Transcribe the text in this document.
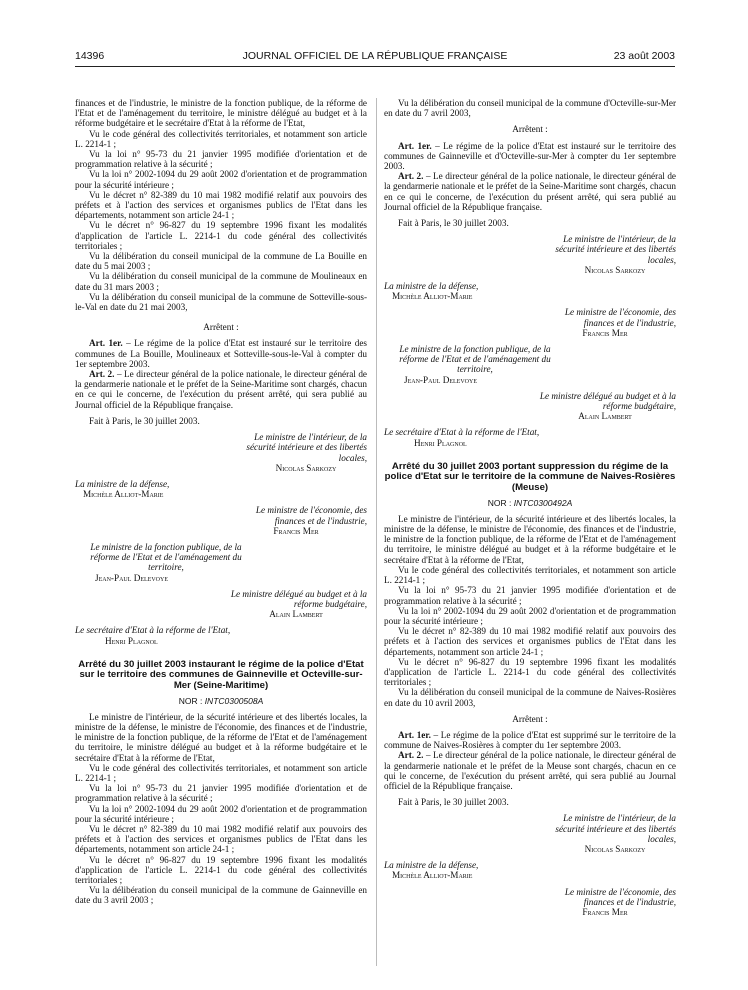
14396	JOURNAL OFFICIEL DE LA RÉPUBLIQUE FRANÇAISE	23 août 2003

finances et de l'industrie, le ministre de la fonction publique, de la réforme de l'Etat et de l'aménagement du territoire, le ministre délégué au budget et à la réforme budgétaire et le secrétaire d'Etat à la réforme de l'Etat,

Vu le code général des collectivités territoriales, et notamment son article L. 2214-1 ;

Vu la loi n° 95-73 du 21 janvier 1995 modifiée d'orientation et de programmation relative à la sécurité ;

Vu la loi n° 2002-1094 du 29 août 2002 d'orientation et de programmation pour la sécurité intérieure ;

Vu le décret n° 82-389 du 10 mai 1982 modifié relatif aux pouvoirs des préfets et à l'action des services et organismes publics de l'Etat dans les départements, notamment son article 24-1 ;

Vu le décret n° 96-827 du 19 septembre 1996 fixant les modalités d'application de l'article L. 2214-1 du code général des collectivités territoriales ;

Vu la délibération du conseil municipal de la commune de La Bouille en date du 5 mai 2003 ;

Vu la délibération du conseil municipal de la commune de Moulineaux en date du 31 mars 2003 ;

Vu la délibération du conseil municipal de la commune de Sotteville-sous-le-Val en date du 21 mai 2003,

Arrêtent :

Art. 1er. – Le régime de la police d'Etat est instauré sur le territoire des communes de La Bouille, Moulineaux et Sotteville-sous-le-Val à compter du 1er septembre 2003.

Art. 2. – Le directeur général de la police nationale, le directeur général de la gendarmerie nationale et le préfet de la Seine-Maritime sont chargés, chacun en ce qui le concerne, de l'exécution du présent arrêté, qui sera publié au Journal officiel de la République française.

Fait à Paris, le 30 juillet 2003.

Le ministre de l'intérieur, de la sécurité intérieure et des libertés locales,

Nicolas Sarkozy

La ministre de la défense,

Michèle Alliot-Marie

Le ministre de l'économie, des finances et de l'industrie,

Francis Mer

Le ministre de la fonction publique, de la réforme de l'Etat et de l'aménagement du territoire,

Jean-Paul Delevoye

Le ministre délégué au budget et à la réforme budgétaire,

Alain Lambert

Le secrétaire d'Etat à la réforme de l'Etat,

Henri Plagnol

Arrêté du 30 juillet 2003 instaurant le régime de la police d'Etat sur le territoire des communes de Gainneville et Octeville-sur-Mer (Seine-Maritime)

NOR : INTC0300508A

Le ministre de l'intérieur, de la sécurité intérieure et des libertés locales, la ministre de la défense, le ministre de l'économie, des finances et de l'industrie, le ministre de la fonction publique, de la réforme de l'Etat et de l'aménagement du territoire, le ministre délégué au budget et à la réforme budgétaire et le secrétaire d'Etat à la réforme de l'Etat,

Vu le code général des collectivités territoriales, et notamment son article L. 2214-1 ;

Vu la loi n° 95-73 du 21 janvier 1995 modifiée d'orientation et de programmation relative à la sécurité ;

Vu la loi n° 2002-1094 du 29 août 2002 d'orientation et de programmation pour la sécurité intérieure ;

Vu le décret n° 82-389 du 10 mai 1982 modifié relatif aux pouvoirs des préfets et à l'action des services et organismes publics de l'Etat dans les départements, notamment son article 24-1 ;

Vu le décret n° 96-827 du 19 septembre 1996 fixant les modalités d'application de l'article L. 2214-1 du code général des collectivités territoriales ;

Vu la délibération du conseil municipal de la commune de Gainneville en date du 3 avril 2003 ;

Vu la délibération du conseil municipal de la commune d'Octeville-sur-Mer en date du 7 avril 2003,

Arrêtent :

Art. 1er. – Le régime de la police d'Etat est instauré sur le territoire des communes de Gainneville et d'Octeville-sur-Mer à compter du 1er septembre 2003.

Art. 2. – Le directeur général de la police nationale, le directeur général de la gendarmerie nationale et le préfet de la Seine-Maritime sont chargés, chacun en ce qui le concerne, de l'exécution du présent arrêté, qui sera publié au Journal officiel de la République française.

Fait à Paris, le 30 juillet 2003.

Le ministre de l'intérieur, de la sécurité intérieure et des libertés locales,

Nicolas Sarkozy

La ministre de la défense,

Michèle Alliot-Marie

Le ministre de l'économie, des finances et de l'industrie,

Francis Mer

Le ministre de la fonction publique, de la réforme de l'Etat et de l'aménagement du territoire,

Jean-Paul Delevoye

Le ministre délégué au budget et à la réforme budgétaire,

Alain Lambert

Le secrétaire d'Etat à la réforme de l'Etat,

Henri Plagnol

Arrêté du 30 juillet 2003 portant suppression du régime de la police d'Etat sur le territoire de la commune de Naives-Rosières (Meuse)

NOR : INTC0300492A

Le ministre de l'intérieur, de la sécurité intérieure et des libertés locales, la ministre de la défense, le ministre de l'économie, des finances et de l'industrie, le ministre de la fonction publique, de la réforme de l'Etat et de l'aménagement du territoire, le ministre délégué au budget et à la réforme budgétaire et le secrétaire d'Etat à la réforme de l'Etat,

Vu le code général des collectivités territoriales, et notamment son article L. 2214-1 ;

Vu la loi n° 95-73 du 21 janvier 1995 modifiée d'orientation et de programmation relative à la sécurité ;

Vu la loi n° 2002-1094 du 29 août 2002 d'orientation et de programmation pour la sécurité intérieure ;

Vu le décret n° 82-389 du 10 mai 1982 modifié relatif aux pouvoirs des préfets et à l'action des services et organismes publics de l'Etat dans les départements, notamment son article 24-1 ;

Vu le décret n° 96-827 du 19 septembre 1996 fixant les modalités d'application de l'article L. 2214-1 du code général des collectivités territoriales ;

Vu la délibération du conseil municipal de la commune de Naives-Rosières en date du 10 avril 2003,

Arrêtent :

Art. 1er. – Le régime de la police d'Etat est supprimé sur le territoire de la commune de Naives-Rosières à compter du 1er septembre 2003.

Art. 2. – Le directeur général de la police nationale, le directeur général de la gendarmerie nationale et le préfet de la Meuse sont chargés, chacun en ce qui le concerne, de l'exécution du présent arrêté, qui sera publié au Journal officiel de la République française.

Fait à Paris, le 30 juillet 2003.

Le ministre de l'intérieur, de la sécurité intérieure et des libertés locales,

Nicolas Sarkozy

La ministre de la défense,

Michèle Alliot-Marie

Le ministre de l'économie, des finances et de l'industrie,

Francis Mer
